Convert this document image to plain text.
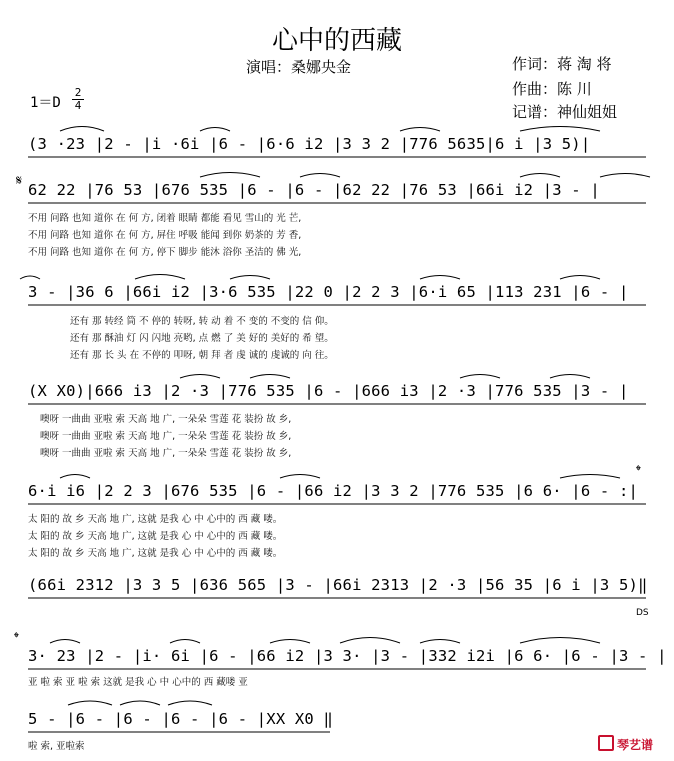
心中的西藏
演唱：桑娜央金	作词：蒋 淘 将
作曲：陈 川
记谱：神仙姐姐
1＝D
2
4
(3 ·23 |2 - |i ·6i |6 - |6·6 i2 |3 3 2 |776 5635|6 i |3 5)|
𝄋 62 22 |76 53 |676 535 |6 - |6 - |62 22 |76 53 |66i i2 |3 - |
不用 问路 也知 道你 在 何 方, 闭着 眼睛 都能 看见 雪山的 光 芒,
不用 问路 也知 道你 在 何 方, 屏住 呼吸 能闻 到你 奶茶的 芳 香,
不用 问路 也知 道你 在 何 方, 停下 脚步 能沐 浴你 圣洁的 佛 光,
3 - |36 6 |66i i2 |3·6 535 |22 0 |2 2 3 |6·i 65 |113 231 |6 - |
还有 那 转经 筒 不 停的 转呀, 转 动 着 不 变的 不变的 信 仰。
还有 那 酥油 灯 闪 闪地 亮哟, 点 燃 了 美 好的 美好的 希 望。
还有 那 长 头 在 不停的 叩呀, 朝 拜 者 虔 诚的 虔诚的 向 往。
(X X0)|666 i3 |2 ·3 |776 535 |6 - |666 i3 |2 ·3 |776 535 |3 - |
噢呀 一曲曲 亚啦 索 天高 地 广, 一朵朵 雪莲 花 装扮 故 乡,
噢呀 一曲曲 亚啦 索 天高 地 广, 一朵朵 雪莲 花 装扮 故 乡,
噢呀 一曲曲 亚啦 索 天高 地 广, 一朵朵 雪莲 花 装扮 故 乡,
𝄌
6·i i6 |2 2 3 |676 535 |6 - |66 i2 |3 3 2 |776 535 |6 6· |6 - :|
太 阳的 故 乡 天高 地 广, 这就 是我 心 中 心中的 西 藏 喽。
太 阳的 故 乡 天高 地 广, 这就 是我 心 中 心中的 西 藏 喽。
太 阳的 故 乡 天高 地 广, 这就 是我 心 中 心中的 西 藏 喽。
(66i 2312 |3 3 5 |636 565 |3 - |66i 2313 |2 ·3 |56 35 |6 i |3 5)‖
DS
𝄌
3· 23 |2 - |i· 6i |6 - |66 i2 |3 3· |3 - |332 i2i |6 6· |6 - |3 - |
亚 啦 索 亚 啦 索 这就 是我 心 中 心中的 西 藏喽 亚
5 - |6 - |6 - |6 - |6 - |XX X0 ‖
啦 索, 亚啦索	琴艺谱
